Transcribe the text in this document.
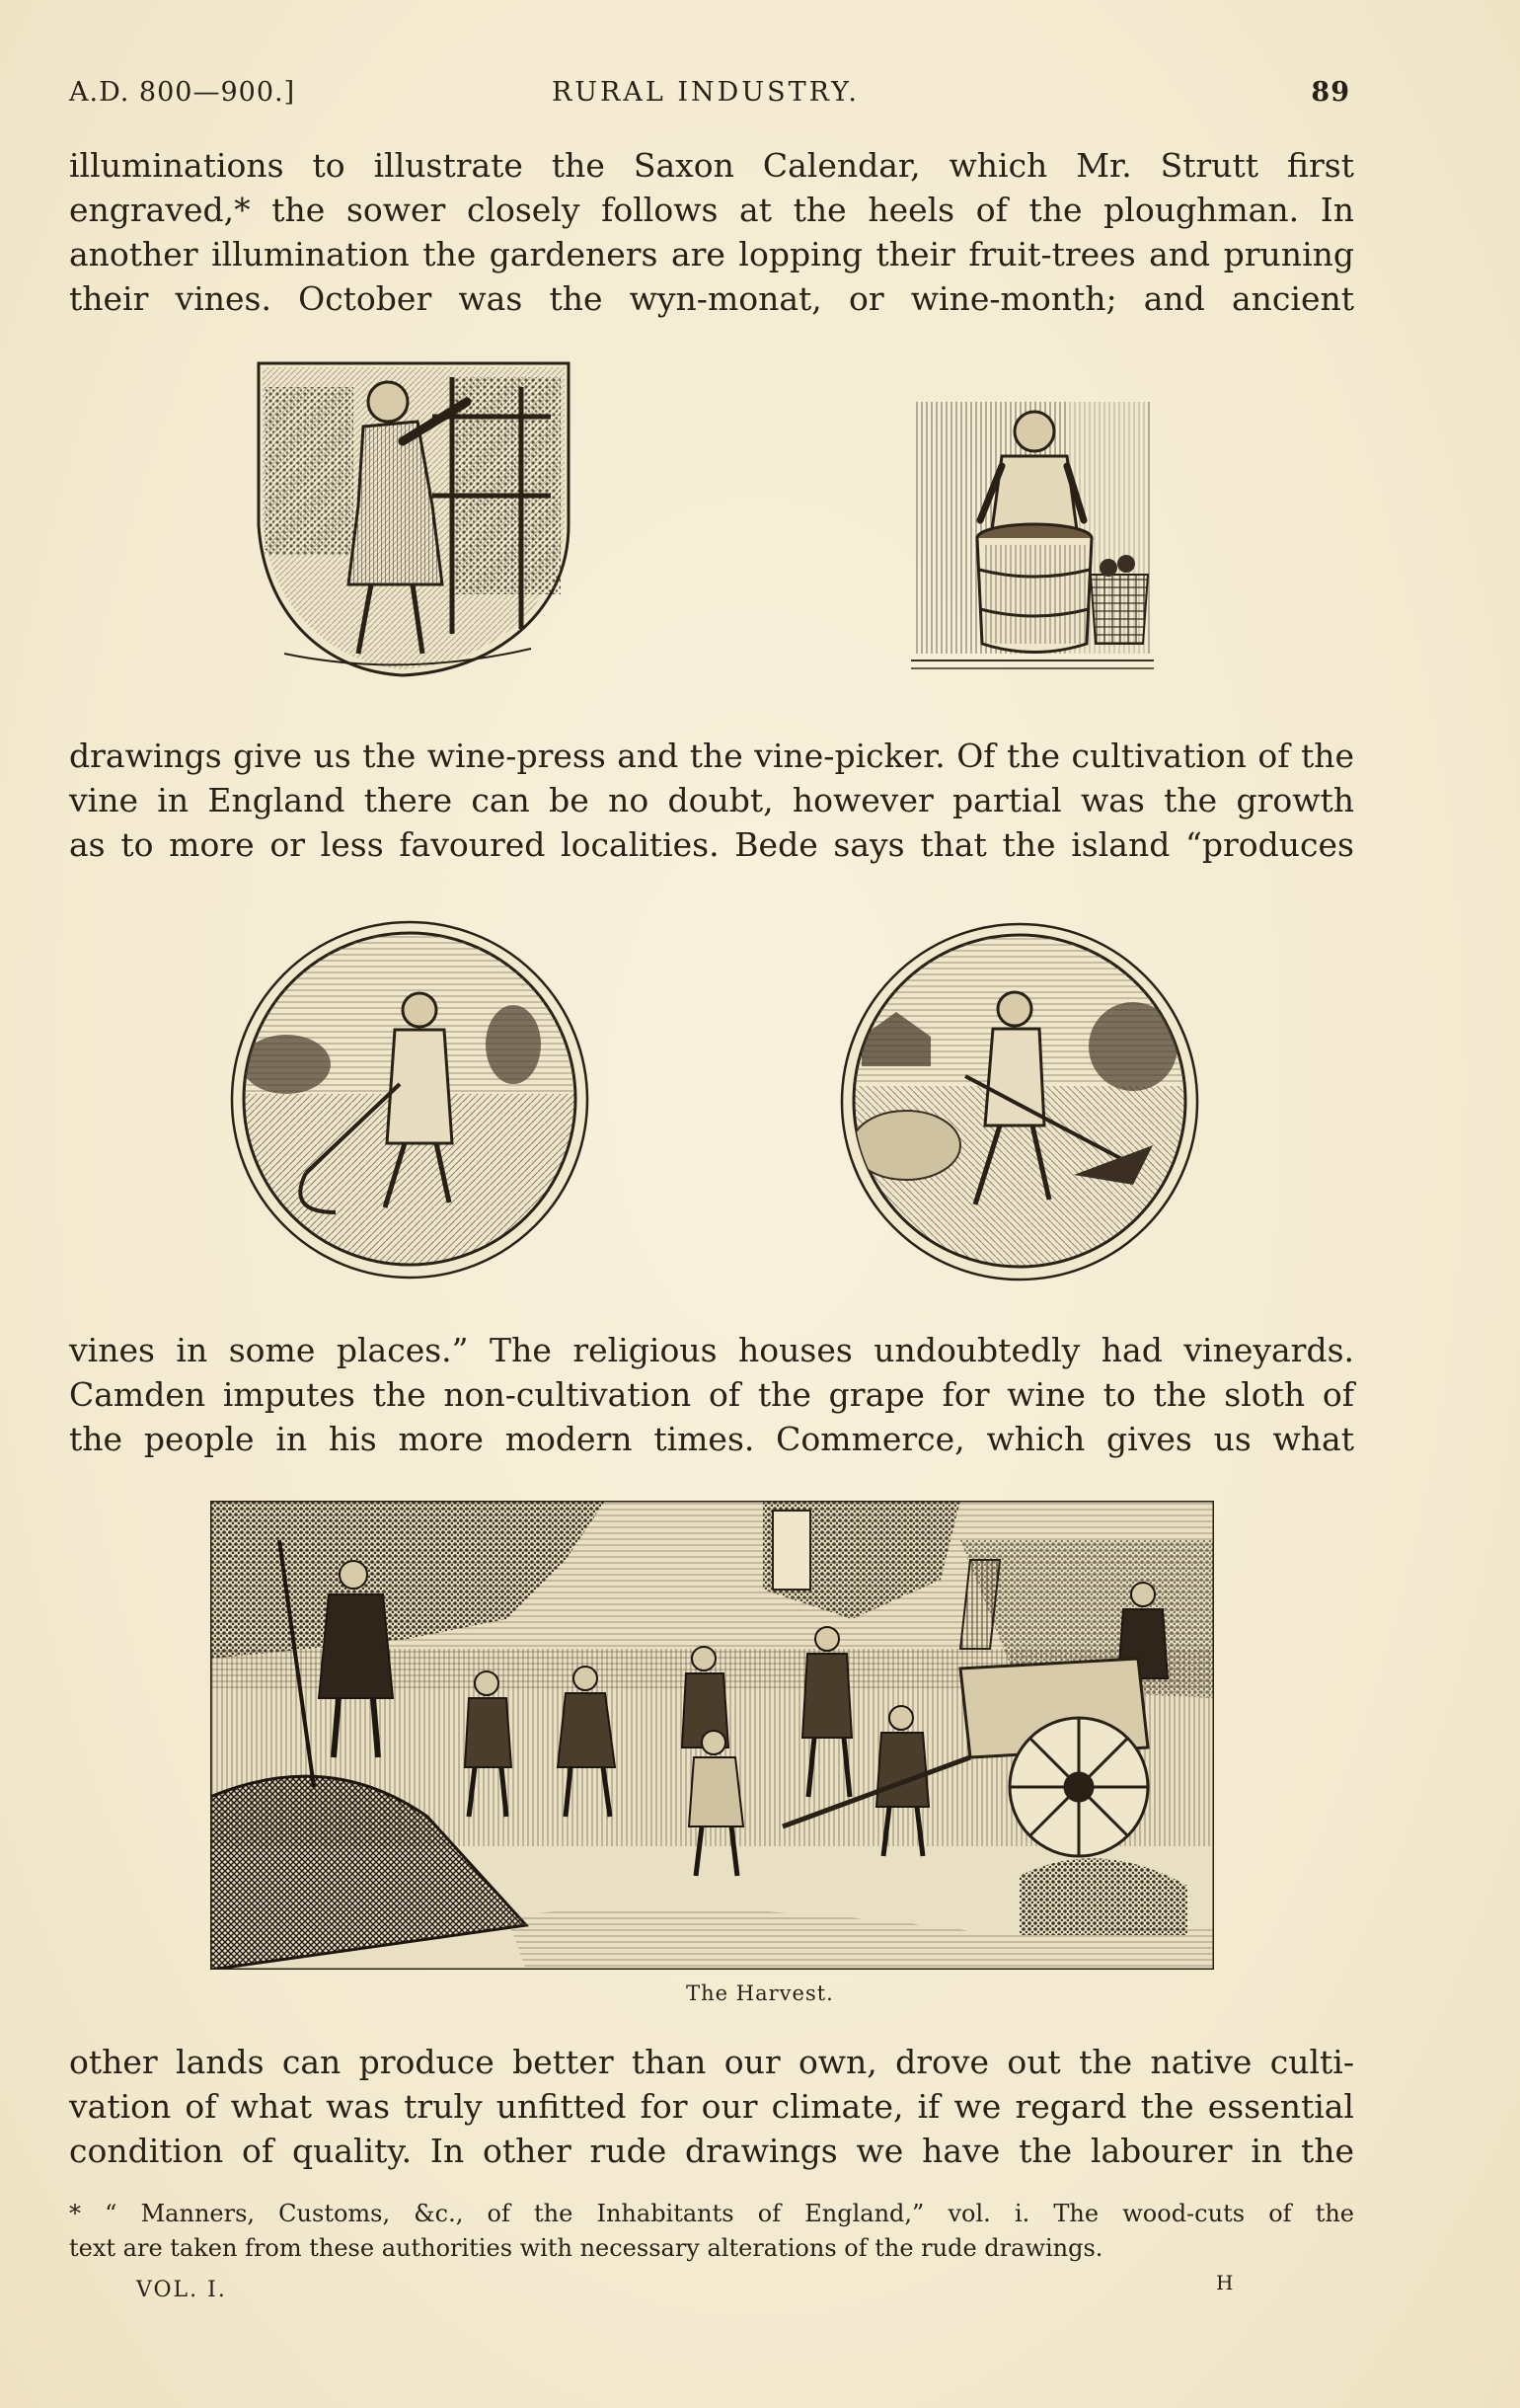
A.D. 800—900.]	RURAL INDUSTRY.	89

illuminations to illustrate the Saxon Calendar, which Mr. Strutt first
engraved,* the sower closely follows at the heels of the ploughman. In
another illumination the gardeners are lopping their fruit-trees and pruning
their vines. October was the wyn-monat, or wine-month; and ancient

drawings give us the wine-press and the vine-picker. Of the cultivation of the
vine in England there can be no doubt, however partial was the growth
as to more or less favoured localities. Bede says that the island “produces

vines in some places.” The religious houses undoubtedly had vineyards.
Camden imputes the non-cultivation of the grape for wine to the sloth of
the people in his more modern times. Commerce, which gives us what

The Harvest.

other lands can produce better than our own, drove out the native culti-
vation of what was truly unfitted for our climate, if we regard the essential
condition of quality. In other rude drawings we have the labourer in the

* “ Manners, Customs, &c., of the Inhabitants of England,” vol. i. The wood-cuts of the
text are taken from these authorities with necessary alterations of the rude drawings.
VOL. I.	H
